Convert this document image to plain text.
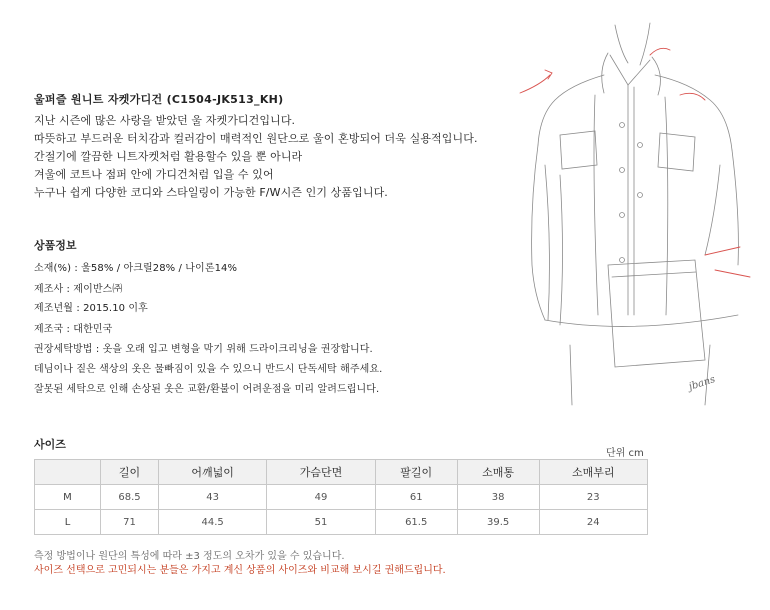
울퍼즐 원니트 자켓가디건 (C1504-JK513_KH)
지난 시즌에 많은 사랑을 받았던 울 자켓가디건입니다.
따뜻하고 부드러운 터치감과 컬러감이 매력적인 원단으로 울이 혼방되어 더욱 실용적입니다.
간절기에 깔끔한 니트자켓처럼 활용할수 있을 뿐 아니라
겨울에 코트나 점퍼 안에 가디건처럼 입을 수 있어
누구나 쉽게 다양한 코디와 스타일링이 가능한 F/W시즌 인기 상품입니다.
상품정보
소재(%) : 울58% / 아크릴28% / 나이론14%
제조사 : 제이반스㈜
제조년월 : 2015.10 이후
제조국 : 대한민국
권장세탁방법 : 옷을 오래 입고 변형을 막기 위해 드라이크리닝을 권장합니다.
데님이나 짙은 색상의 옷은 물빠짐이 있을 수 있으니 반드시 단독세탁 해주세요.
잘못된 세탁으로 인해 손상된 옷은 교환/환불이 어려운점을 미리 알려드립니다.
사이즈
단위 cm
	길이	어깨넓이	가슴단면	팔길이	소매통	소매부리
M	68.5	43	49	61	38	23
L	71	44.5	51	61.5	39.5	24
측정 방법이나 원단의 특성에 따라 ±3 정도의 오차가 있을 수 있습니다.
사이즈 선택으로 고민되시는 분들은 가지고 계신 상품의 사이즈와 비교해 보시길 권해드립니다.
jbans
